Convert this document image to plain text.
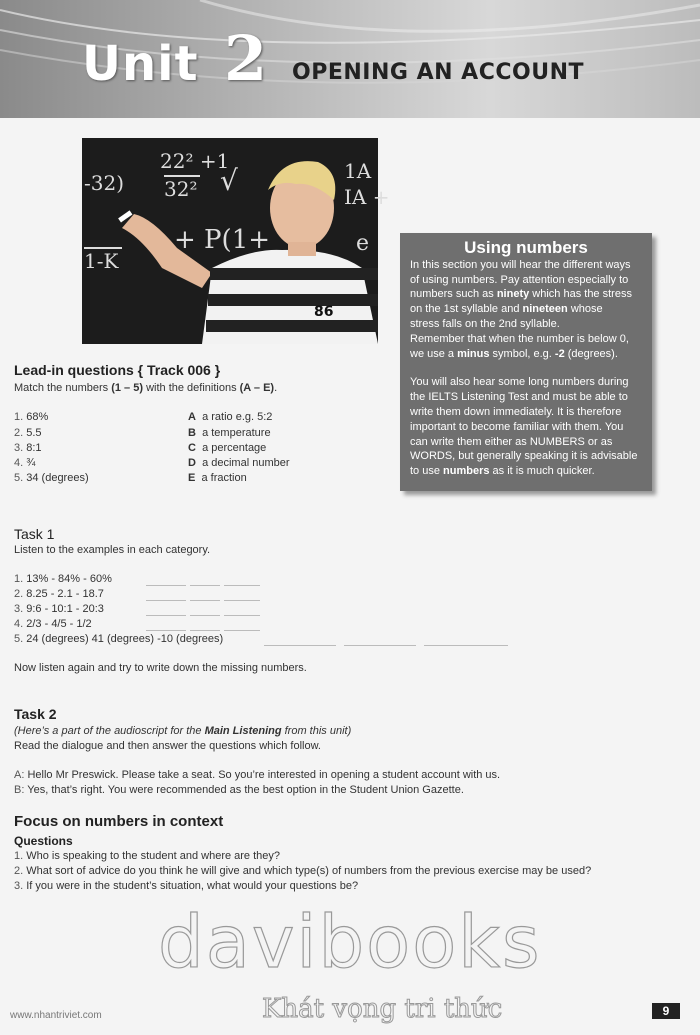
Unit 2 OPENING AN ACCOUNT
22² +1
32² √
-32)
+ P(1+
1A
IA +
1-K
e
86
Using numbers

In this section you will hear the different ways
of using numbers. Pay attention especially to
numbers such as ninety which has the stress
on the 1st syllable and nineteen whose
stress falls on the 2nd syllable.
Remember that when the number is below 0,
we use a minus symbol, e.g. -2 (degrees).

You will also hear some long numbers during
the IELTS Listening Test and must be able to
write them down immediately. It is therefore
important to become familiar with them. You
can write them either as NUMBERS or as
WORDS, but generally speaking it is advisable
to use numbers as it is much quicker.

Lead-in questions { Track 006 }
Match the numbers (1 – 5) with the definitions (A – E).
1. 68%
2. 5.5
3. 8:1
4. ¾
5. 34 (degrees)
A a ratio e.g. 5:2
B a temperature
C a percentage
D a decimal number
E a fraction
Task 1
Listen to the examples in each category.
1. 13% - 84% - 60%
2. 8.25 - 2.1 - 18.7
3. 9:6 - 10:1 - 20:3
4. 2/3 - 4/5 - 1/2
5. 24 (degrees) 41 (degrees) -10 (degrees)
Now listen again and try to write down the missing numbers.
Task 2
(Here’s a part of the audioscript for the Main Listening from this unit)
Read the dialogue and then answer the questions which follow.
A: Hello Mr Preswick. Please take a seat. So you’re interested in opening a student account with us.
B: Yes, that’s right. You were recommended as the best option in the Student Union Gazette.
Focus on numbers in context
Questions
1. Who is speaking to the student and where are they?
2. What sort of advice do you think he will give and which type(s) of numbers from the previous exercise may be used?
3. If you were in the student’s situation, what would your questions be?
davibooks
Khát vọng tri thức
www.nhantriviet.com	9
